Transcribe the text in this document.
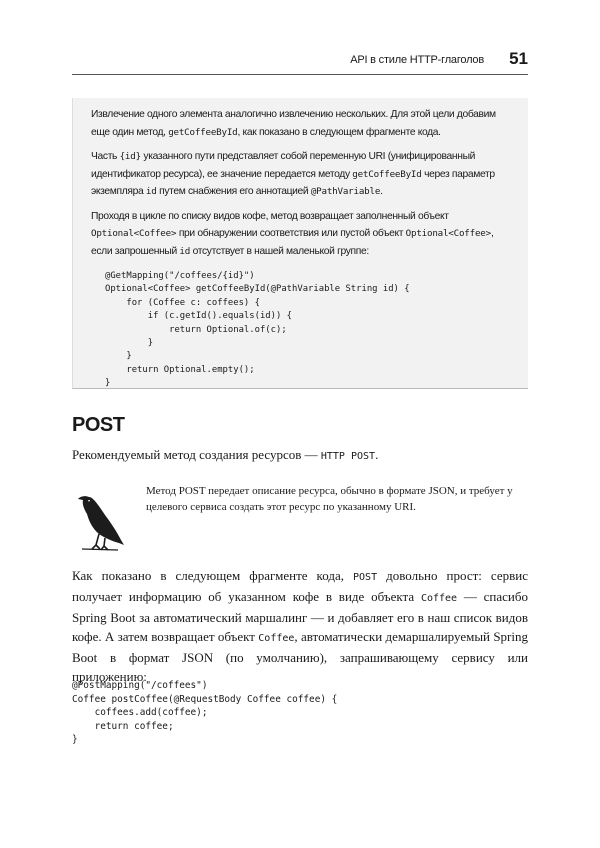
API в стиле HTTP-глаголов 51

Извлечение одного элемента аналогично извлечению нескольких. Для этой цели добавим еще один метод, getCoffeeById, как показано в следующем фрагменте кода.

Часть {id} указанного пути представляет собой переменную URI (унифицированный идентификатор ресурса), ее значение передается методу getCoffeeById через параметр экземпляра id путем снабжения его аннотацией @PathVariable.

Проходя в цикле по списку видов кофе, метод возвращает заполненный объект Optional<Coffee> при обнаружении соответствия или пустой объект Optional<Coffee>, если запрошенный id отсутствует в нашей маленькой группе:

@GetMapping("/coffees/{id}")
Optional<Coffee> getCoffeeById(@PathVariable String id) {
for (Coffee c: coffees) {
if (c.getId().equals(id)) {
return Optional.of(c);
}
}
return Optional.empty();
}
POST

Рекомендуемый метод создания ресурсов — HTTP POST.

Метод POST передает описание ресурса, обычно в формате JSON, и требует у целевого сервиса создать этот ресурс по указанному URI.

Как показано в следующем фрагменте кода, POST довольно прост: сервис получает информацию об указанном кофе в виде объекта Coffee — спасибо Spring Boot за автоматический маршалинг — и добавляет его в наш список видов кофе. А затем возвращает объект Coffee, автоматически демаршалируемый Spring Boot в формат JSON (по умолчанию), запрашивающему сервису или приложению:

@PostMapping("/coffees")
Coffee postCoffee(@RequestBody Coffee coffee) {
coffees.add(coffee);
return coffee;
}
